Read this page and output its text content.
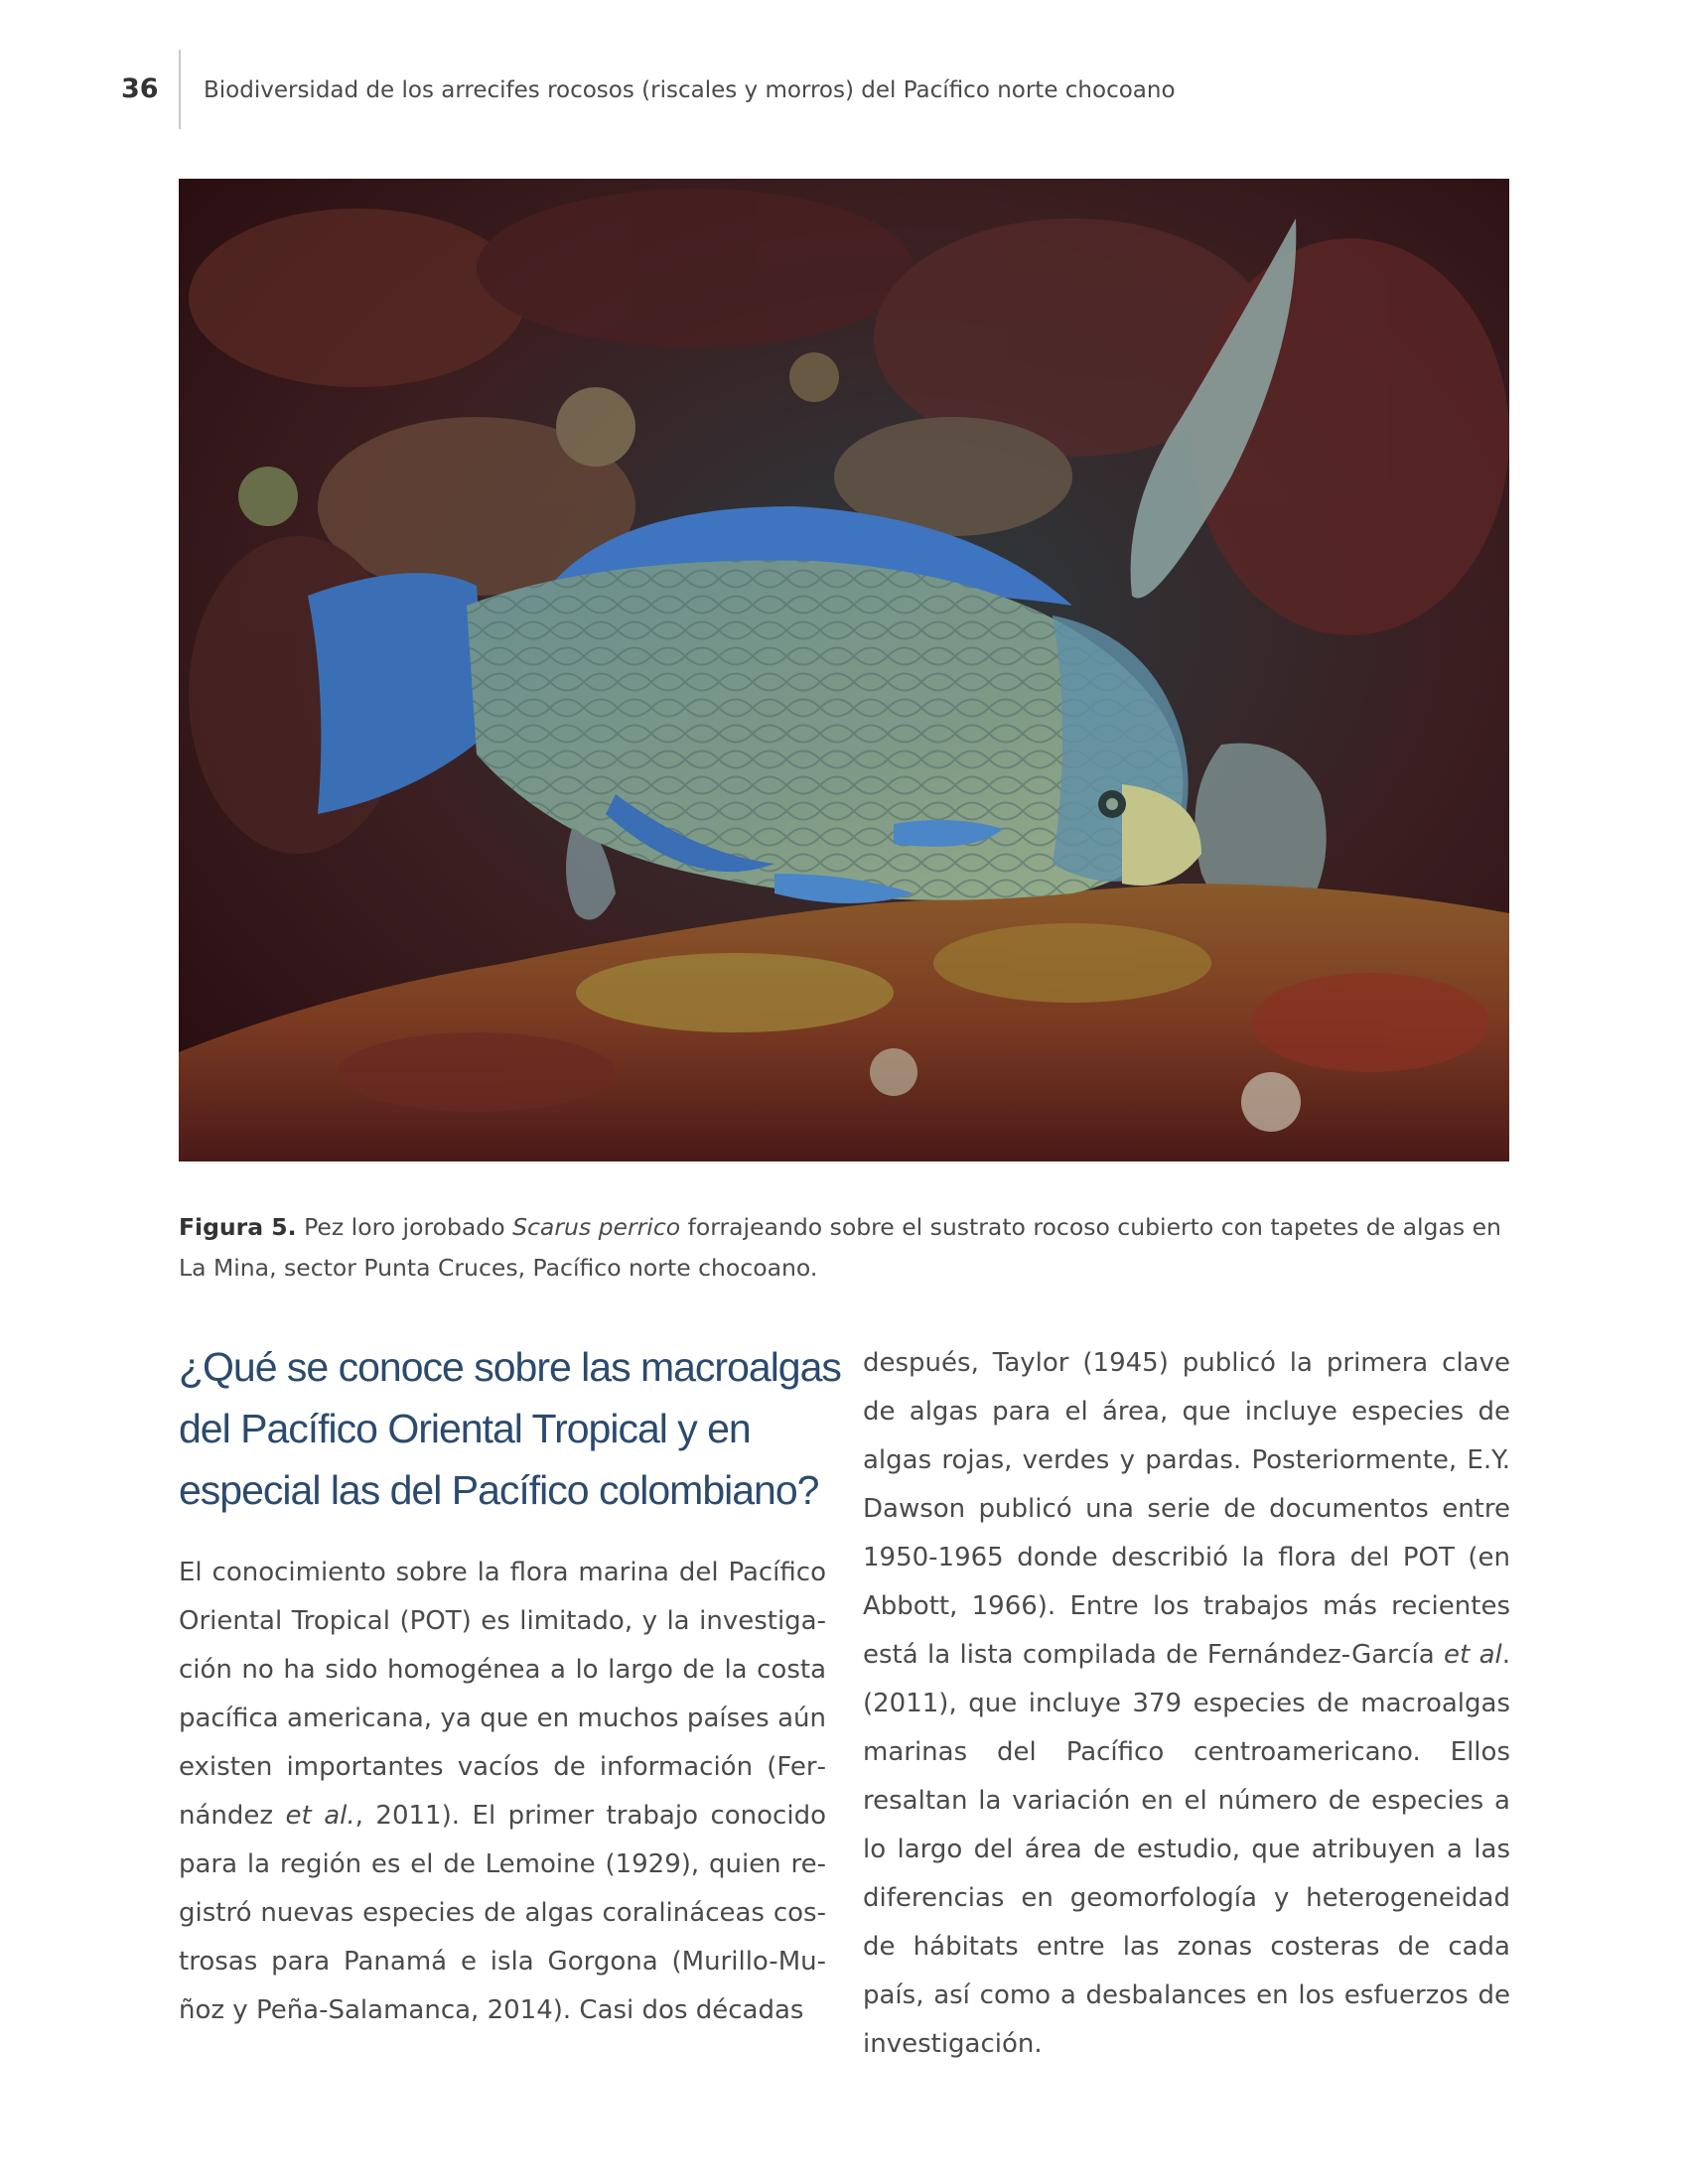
36 Biodiversidad de los arrecifes rocosos (riscales y morros) del Pacífico norte chocoano
Figura 5. Pez loro jorobado Scarus perrico forrajeando sobre el sustrato rocoso cubierto con tapetes de algas en La Mina, sector Punta Cruces, Pacífico norte chocoano.
¿Qué se conoce sobre las macroalgas del Pacífico Oriental Tropical y en especial las del Pacífico colombiano?

El conocimiento sobre la flora marina del Pacífico Oriental Tropical (POT) es limitado, y la investigación no ha sido homogénea a lo largo de la costa pacífica americana, ya que en muchos países aún existen importantes vacíos de información (Fernández et al., 2011). El primer trabajo conocido para la región es el de Lemoine (1929), quien registró nuevas especies de algas coralináceas costrosas para Panamá e isla Gorgona (Murillo-Muñoz y Peña-Salamanca, 2014). Casi dos décadas

después, Taylor (1945) publicó la primera clave de algas para el área, que incluye especies de algas rojas, verdes y pardas. Posteriormente, E.Y. Dawson publicó una serie de documentos entre 1950-1965 donde describió la flora del POT (en Abbott, 1966). Entre los trabajos más recientes está la lista compilada de Fernández-García et al. (2011), que incluye 379 especies de macroalgas marinas del Pacífico centroamericano. Ellos resaltan la variación en el número de especies a lo largo del área de estudio, que atribuyen a las diferencias en geomorfología y heterogeneidad de hábitats entre las zonas costeras de cada país, así como a desbalances en los esfuerzos de investigación.
